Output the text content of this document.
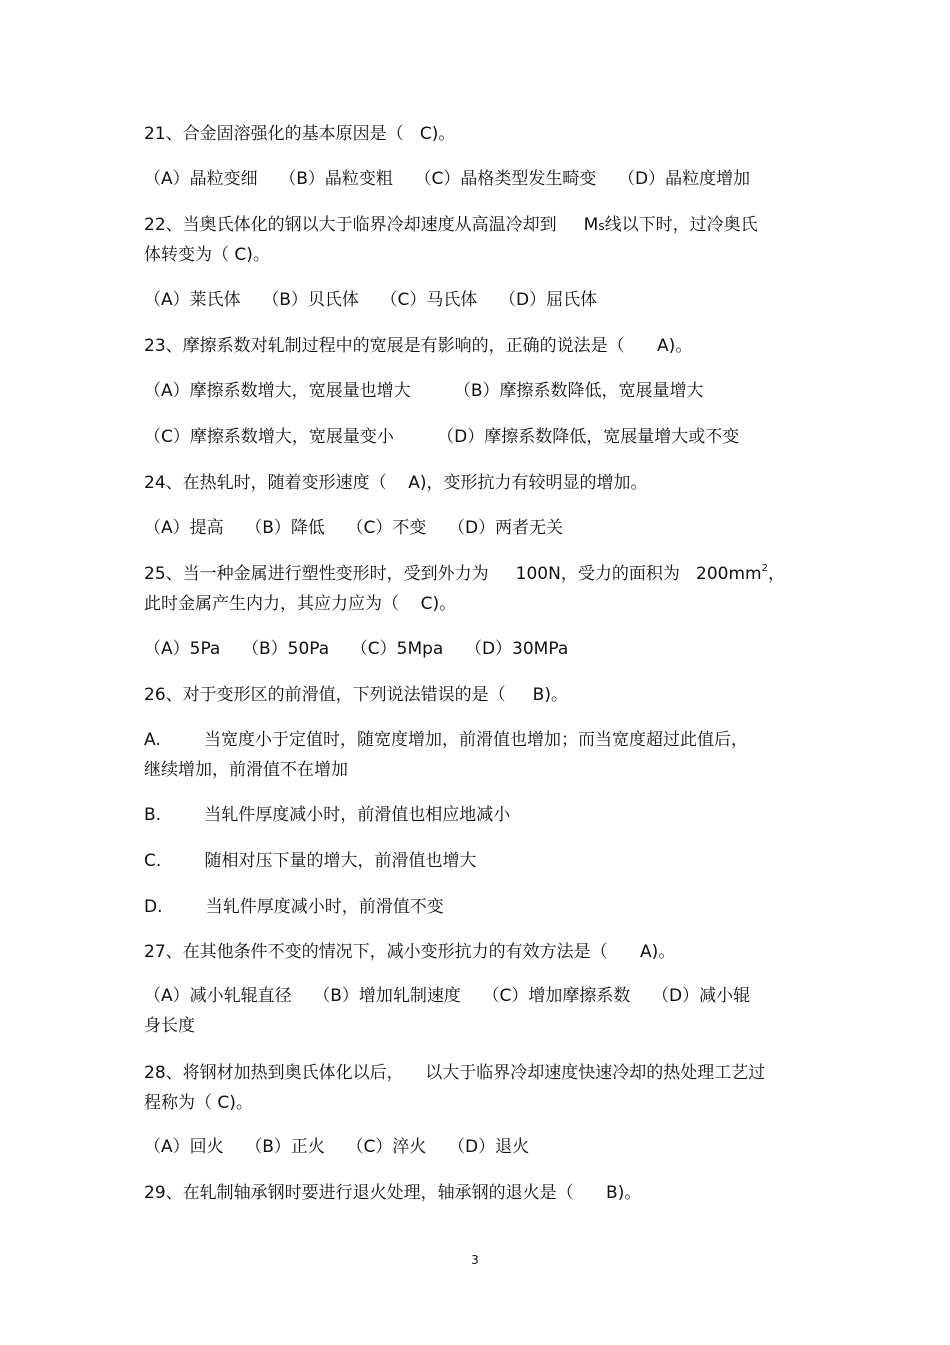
21、合金固溶强化的基本原因是（   C)。
（A）晶粒变细    （B）晶粒变粗    （C）晶格类型发生畸变    （D）晶粒度增加
22、当奥氏体化的钢以大于临界冷却速度从高温冷却到     Ms线以下时，过冷奥氏
体转变为（ C)。
（A）莱氏体    （B）贝氏体    （C）马氏体    （D）屈氏体
23、摩擦系数对轧制过程中的宽展是有影响的，正确的说法是（      A)。
（A）摩擦系数增大，宽展量也增大        （B）摩擦系数降低，宽展量增大
（C）摩擦系数增大，宽展量变小        （D）摩擦系数降低，宽展量增大或不变
24、在热轧时，随着变形速度（    A)，变形抗力有较明显的增加。
（A）提高    （B）降低    （C）不变    （D）两者无关
25、当一种金属进行塑性变形时，受到外力为     100N，受力的面积为   $200mm^2$，
此时金属产生内力，其应力应为（    C)。
（A）5Pa    （B）50Pa    （C）5Mpa    （D）30MPa
26、对于变形区的前滑值，下列说法错误的是（     B)。
A.        当宽度小于定值时，随宽度增加，前滑值也增加；而当宽度超过此值后，
继续增加，前滑值不在增加
B.        当轧件厚度减小时，前滑值也相应地减小
C.        随相对压下量的增大，前滑值也增大
D.        当轧件厚度减小时，前滑值不变
27、在其他条件不变的情况下，减小变形抗力的有效方法是（      A)。
（A）减小轧辊直径    （B）增加轧制速度    （C）增加摩擦系数    （D）减小辊
身长度
28、将钢材加热到奥氏体化以后，    以大于临界冷却速度快速冷却的热处理工艺过
程称为（ C)。
（A）回火    （B）正火    （C）淬火    （D）退火
29、在轧制轴承钢时要进行退火处理，轴承钢的退火是（      B)。
3
